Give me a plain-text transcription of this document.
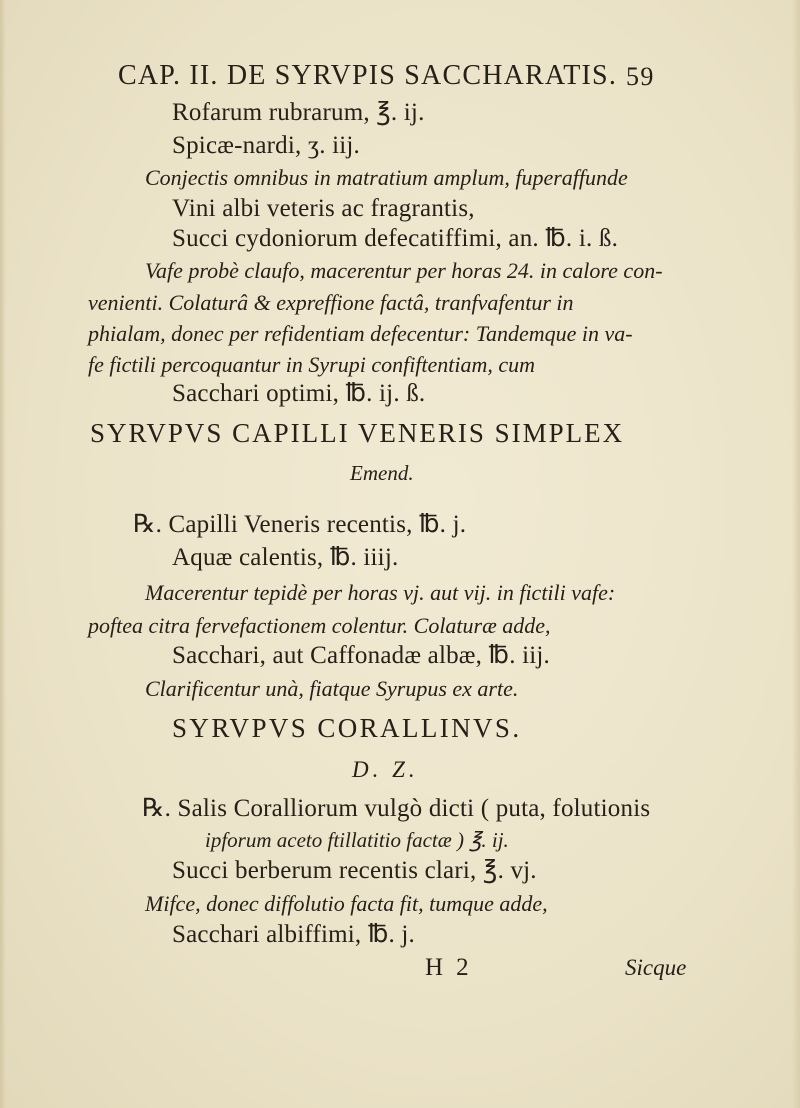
CAP. II. DE SYRVPIS SACCHARATIS. 59
Rofarum rubrarum, ℥. ij.
Spicæ-nardi, ʒ. iij.
Conjectis omnibus in matratium amplum, fuperaffunde
Vini albi veteris ac fragrantis,
Succi cydoniorum defecatiffimi, an. ℔. i. ß.
Vafe probè claufo, macerentur per horas 24. in calore con-
venienti. Colaturâ & expreffione factâ, tranfvafentur in
phialam, donec per refidentiam defecentur: Tandemque in va-
fe fictili percoquantur in Syrupi confiftentiam, cum
Sacchari optimi, ℔. ij. ß.
SYRVPVS CAPILLI VENERIS SIMPLEX
Emend.
℞. Capilli Veneris recentis, ℔. j.
Aquæ calentis, ℔. iiij.
Macerentur tepidè per horas vj. aut vij. in fictili vafe:
poftea citra fervefactionem colentur. Colaturæ adde,
Sacchari, aut Caffonadæ albæ, ℔. iij.
Clarificentur unà, fiatque Syrupus ex arte.
SYRVPVS CORALLINVS.
D. Z.
℞. Salis Coralliorum vulgò dicti ( puta, folutionis
ipforum aceto ftillatitio factæ ) ℥. ij.
Succi berberum recentis clari, ℥. vj.
Mifce, donec diffolutio facta fit, tumque adde,
Sacchari albiffimi, ℔. j.
H  2	Sicque
